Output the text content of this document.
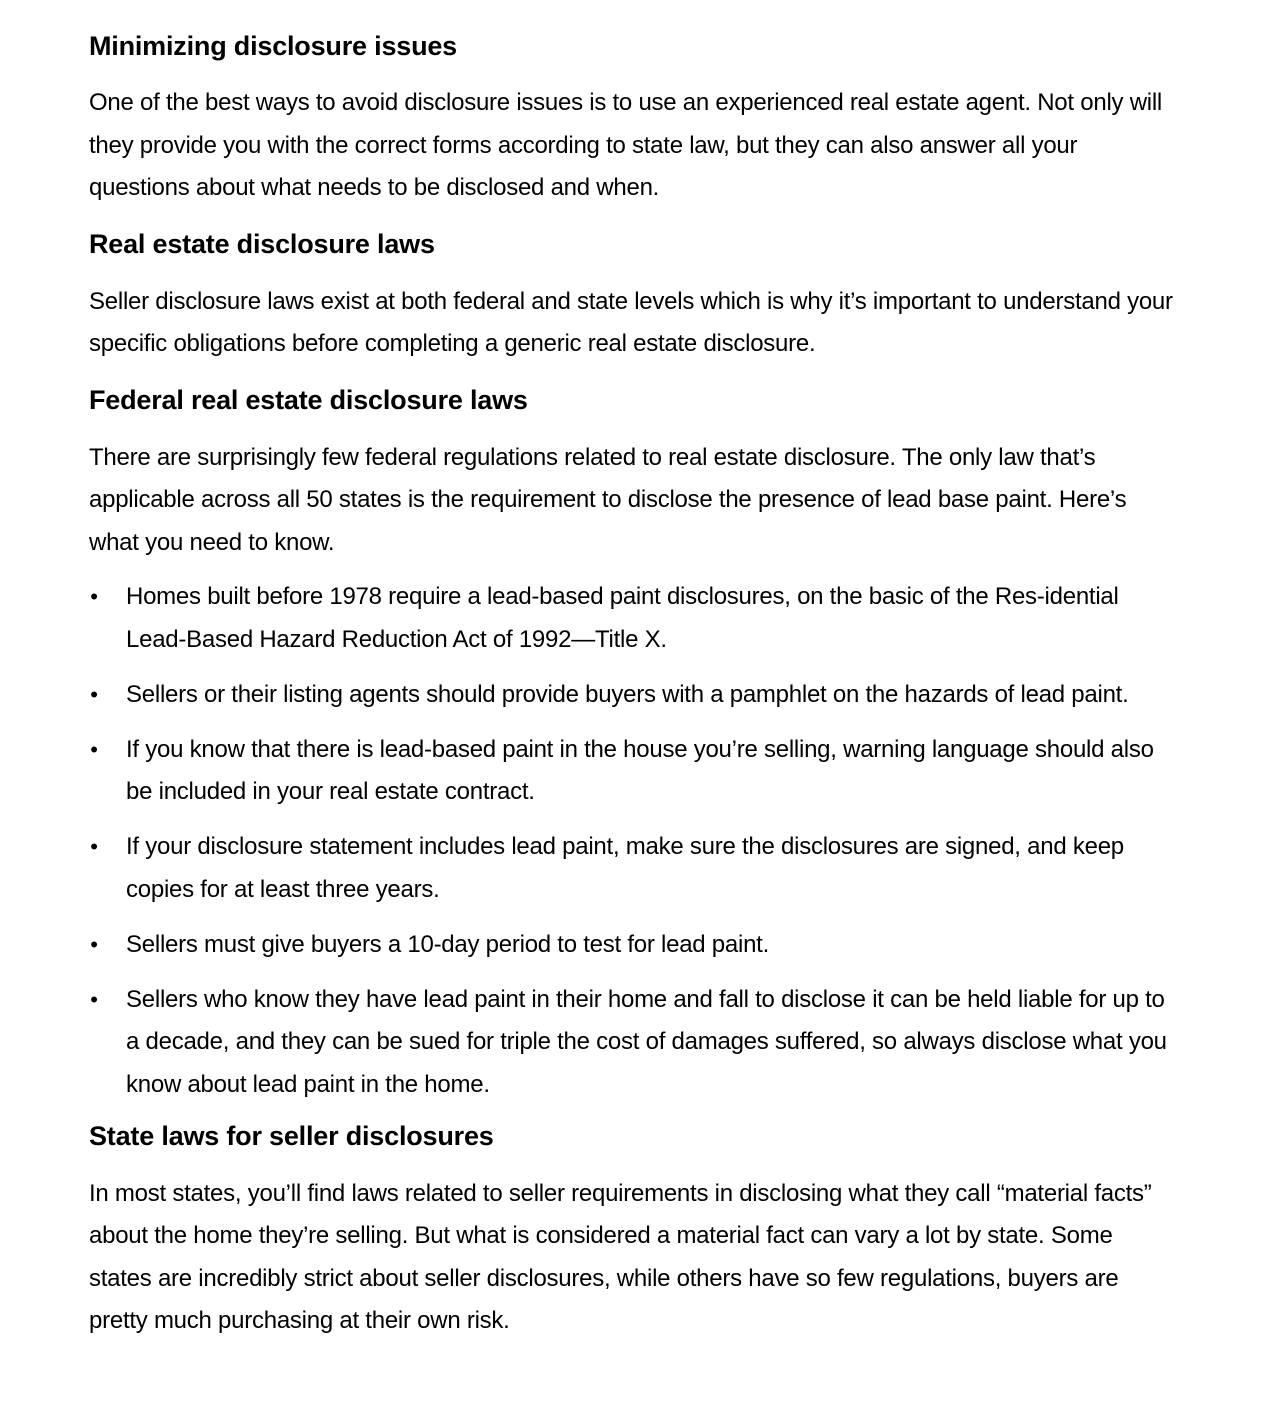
Minimizing disclosure issues

One of the best ways to avoid disclosure issues is to use an experienced real estate agent. Not only will they provide you with the correct forms according to state law, but they can also answer all your questions about what needs to be disclosed and when.

Real estate disclosure laws

Seller disclosure laws exist at both federal and state levels which is why it’s important to understand your specific obligations before completing a generic real estate disclosure.

Federal real estate disclosure laws

There are surprisingly few federal regulations related to real estate disclosure. The only law that’s applicable across all 50 states is the requirement to disclose the presence of lead base paint. Here’s what you need to know.

• Homes built before 1978 require a lead-based paint disclosures, on the basic of the Res-idential Lead-Based Hazard Reduction Act of 1992—Title X.
• Sellers or their listing agents should provide buyers with a pamphlet on the hazards of lead paint.
• If you know that there is lead-based paint in the house you’re selling, warning language should also be included in your real estate contract.
• If your disclosure statement includes lead paint, make sure the disclosures are signed, and keep copies for at least three years.
• Sellers must give buyers a 10-day period to test for lead paint.
• Sellers who know they have lead paint in their home and fall to disclose it can be held liable for up to a decade, and they can be sued for triple the cost of damages suffered, so always disclose what you know about lead paint in the home.
State laws for seller disclosures

In most states, you’ll find laws related to seller requirements in disclosing what they call “material facts” about the home they’re selling. But what is considered a material fact can vary a lot by state. Some states are incredibly strict about seller disclosures, while others have so few regulations, buyers are pretty much purchasing at their own risk.
